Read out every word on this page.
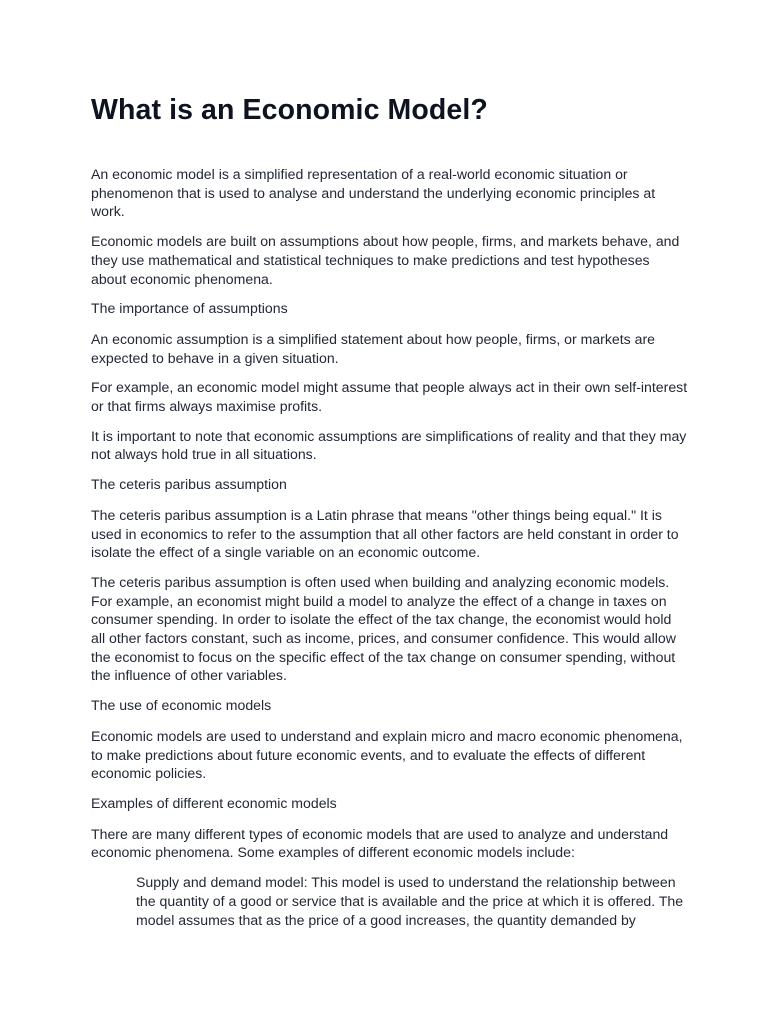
What is an Economic Model?

An economic model is a simplified representation of a real-world economic situation or phenomenon that is used to analyse and understand the underlying economic principles at work.

Economic models are built on assumptions about how people, firms, and markets behave, and they use mathematical and statistical techniques to make predictions and test hypotheses about economic phenomena.

The importance of assumptions

An economic assumption is a simplified statement about how people, firms, or markets are expected to behave in a given situation.

For example, an economic model might assume that people always act in their own self-interest or that firms always maximise profits.

It is important to note that economic assumptions are simplifications of reality and that they may not always hold true in all situations.

The ceteris paribus assumption

The ceteris paribus assumption is a Latin phrase that means "other things being equal." It is used in economics to refer to the assumption that all other factors are held constant in order to isolate the effect of a single variable on an economic outcome.

The ceteris paribus assumption is often used when building and analyzing economic models. For example, an economist might build a model to analyze the effect of a change in taxes on consumer spending. In order to isolate the effect of the tax change, the economist would hold all other factors constant, such as income, prices, and consumer confidence. This would allow the economist to focus on the specific effect of the tax change on consumer spending, without the influence of other variables.

The use of economic models

Economic models are used to understand and explain micro and macro economic phenomena, to make predictions about future economic events, and to evaluate the effects of different economic policies.

Examples of different economic models

There are many different types of economic models that are used to analyze and understand economic phenomena. Some examples of different economic models include:

Supply and demand model: This model is used to understand the relationship between the quantity of a good or service that is available and the price at which it is offered. The model assumes that as the price of a good increases, the quantity demanded by
